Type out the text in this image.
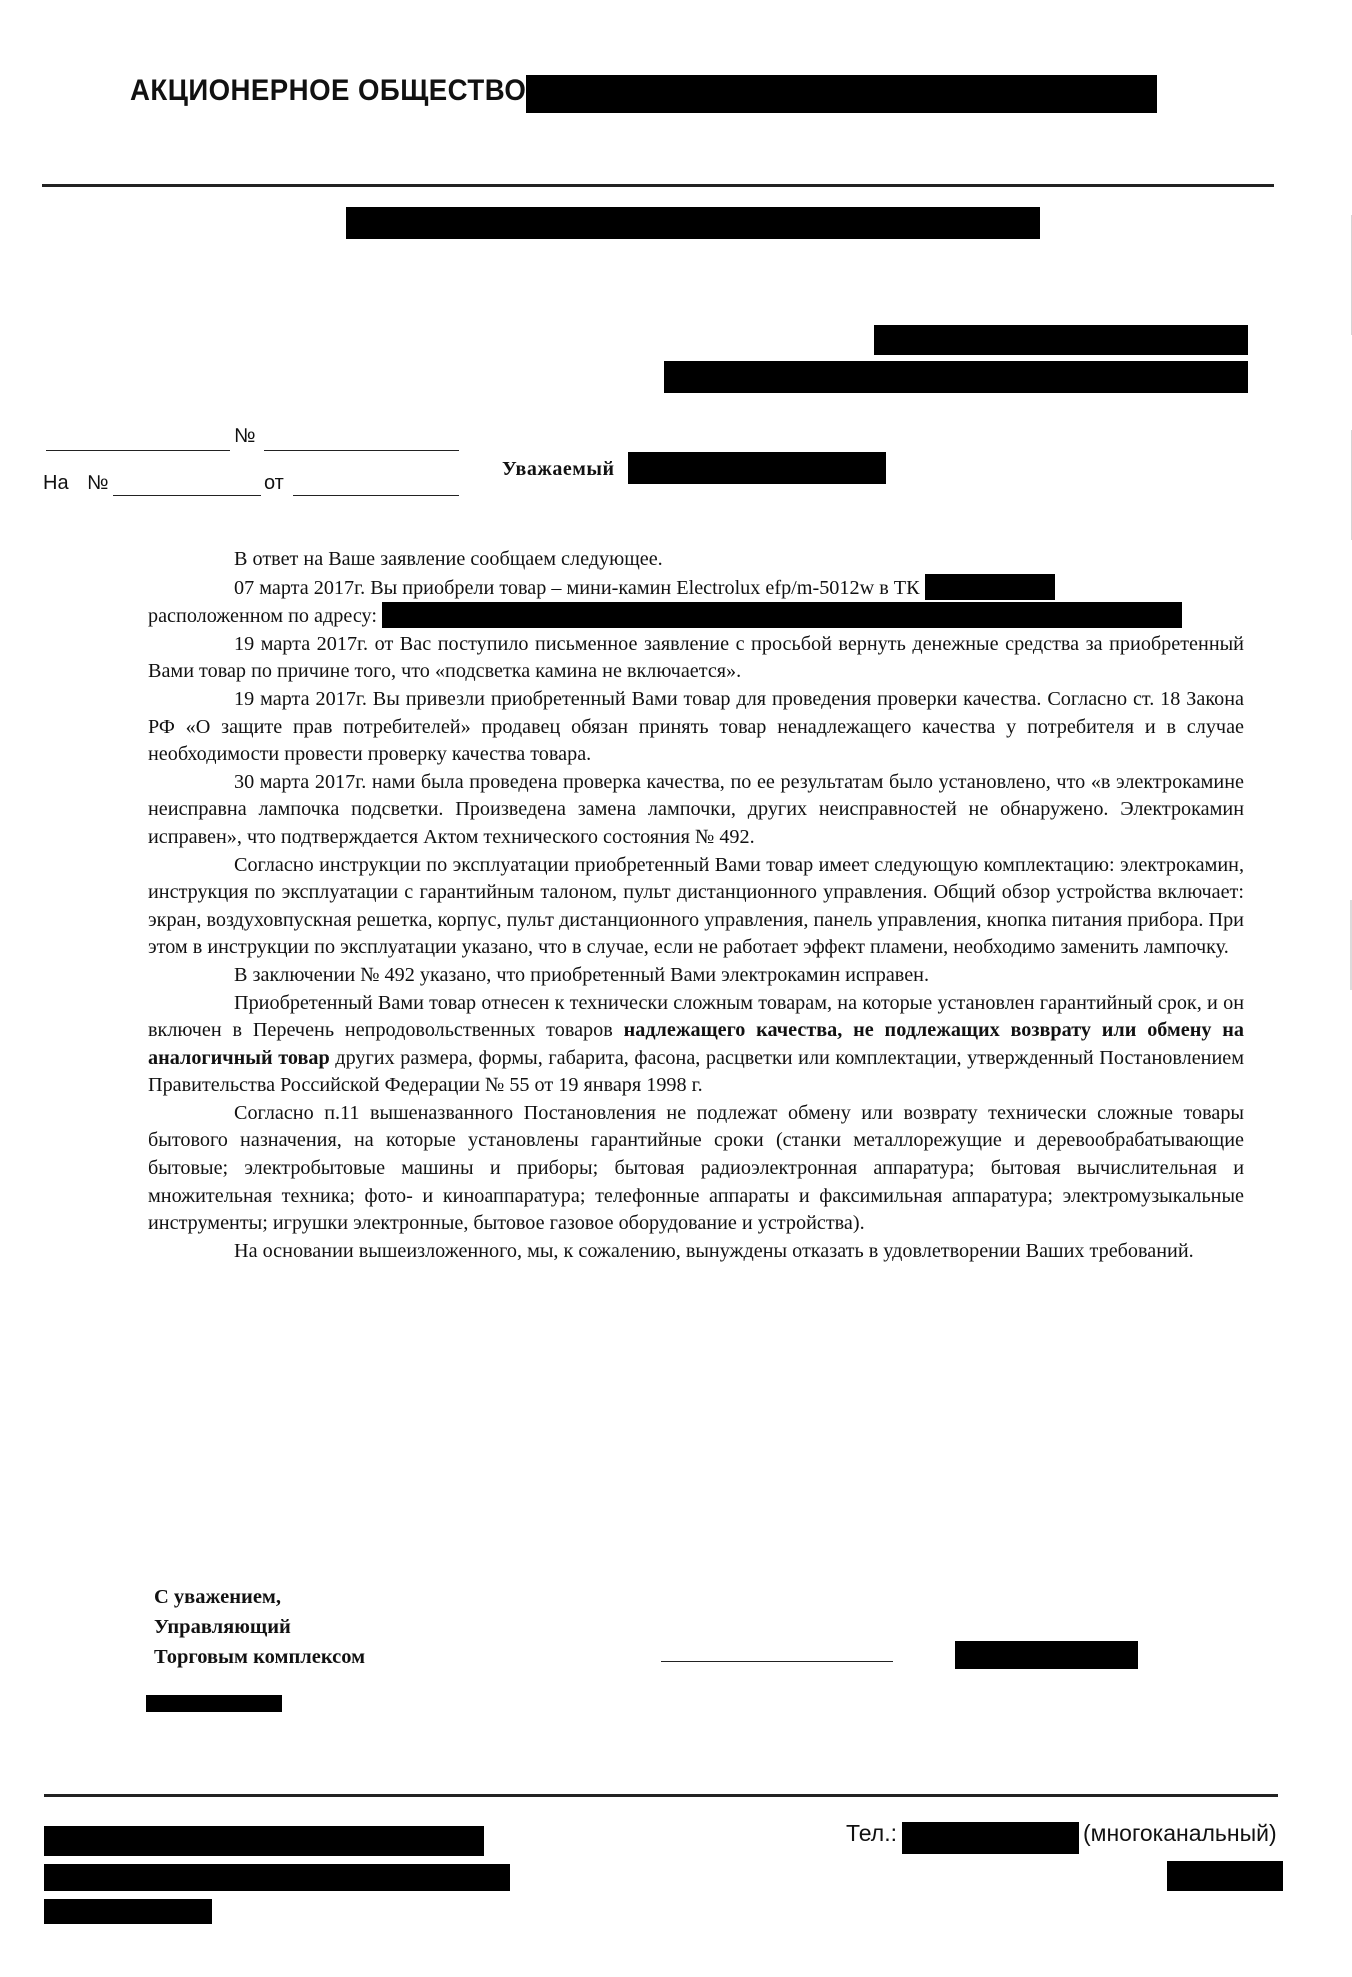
АКЦИОНЕРНОЕ ОБЩЕСТВО
№
На №	от
Уважаемый

В ответ на Ваше заявление сообщаем следующее.

07 марта 2017г. Вы приобрели товар – мини-камин Electrolux efp/m-5012w в ТК

расположенном по адресу:

19 марта 2017г. от Вас поступило письменное заявление с просьбой вернуть денежные средства за приобретенный Вами товар по причине того, что «подсветка камина не включается».

19 марта 2017г. Вы привезли приобретенный Вами товар для проведения проверки качества. Согласно ст. 18 Закона РФ «О защите прав потребителей» продавец обязан принять товар ненадлежащего качества у потребителя и в случае необходимости провести проверку качества товара.

30 марта 2017г. нами была проведена проверка качества, по ее результатам было установлено, что «в электрокамине неисправна лампочка подсветки. Произведена замена лампочки, других неисправностей не обнаружено. Электрокамин исправен», что подтверждается Актом технического состояния № 492.

Согласно инструкции по эксплуатации приобретенный Вами товар имеет следующую комплектацию: электрокамин, инструкция по эксплуатации с гарантийным талоном, пульт дистанционного управления. Общий обзор устройства включает: экран, воздуховпускная решетка, корпус, пульт дистанционного управления, панель управления, кнопка питания прибора. При этом в инструкции по эксплуатации указано, что в случае, если не работает эффект пламени, необходимо заменить лампочку.

В заключении № 492 указано, что приобретенный Вами электрокамин исправен.

Приобретенный Вами товар отнесен к технически сложным товарам, на которые установлен гарантийный срок, и он включен в Перечень непродовольственных товаров надлежащего качества, не подлежащих возврату или обмену на аналогичный товар других размера, формы, габарита, фасона, расцветки или комплектации, утвержденный Постановлением Правительства Российской Федерации № 55 от 19 января 1998 г.

Согласно п.11 вышеназванного Постановления не подлежат обмену или возврату технически сложные товары бытового назначения, на которые установлены гарантийные сроки (станки металлорежущие и деревообрабатывающие бытовые; электробытовые машины и приборы; бытовая радиоэлектронная аппаратура; бытовая вычислительная и множительная техника; фото- и киноаппаратура; телефонные аппараты и факсимильная аппаратура; электромузыкальные инструменты; игрушки электронные, бытовое газовое оборудование и устройства).

На основании вышеизложенного, мы, к сожалению, вынуждены отказать в удовлетворении Ваших требований.

С уважением,
Управляющий
Торговым комплексом
Тел.:	(многоканальный)
